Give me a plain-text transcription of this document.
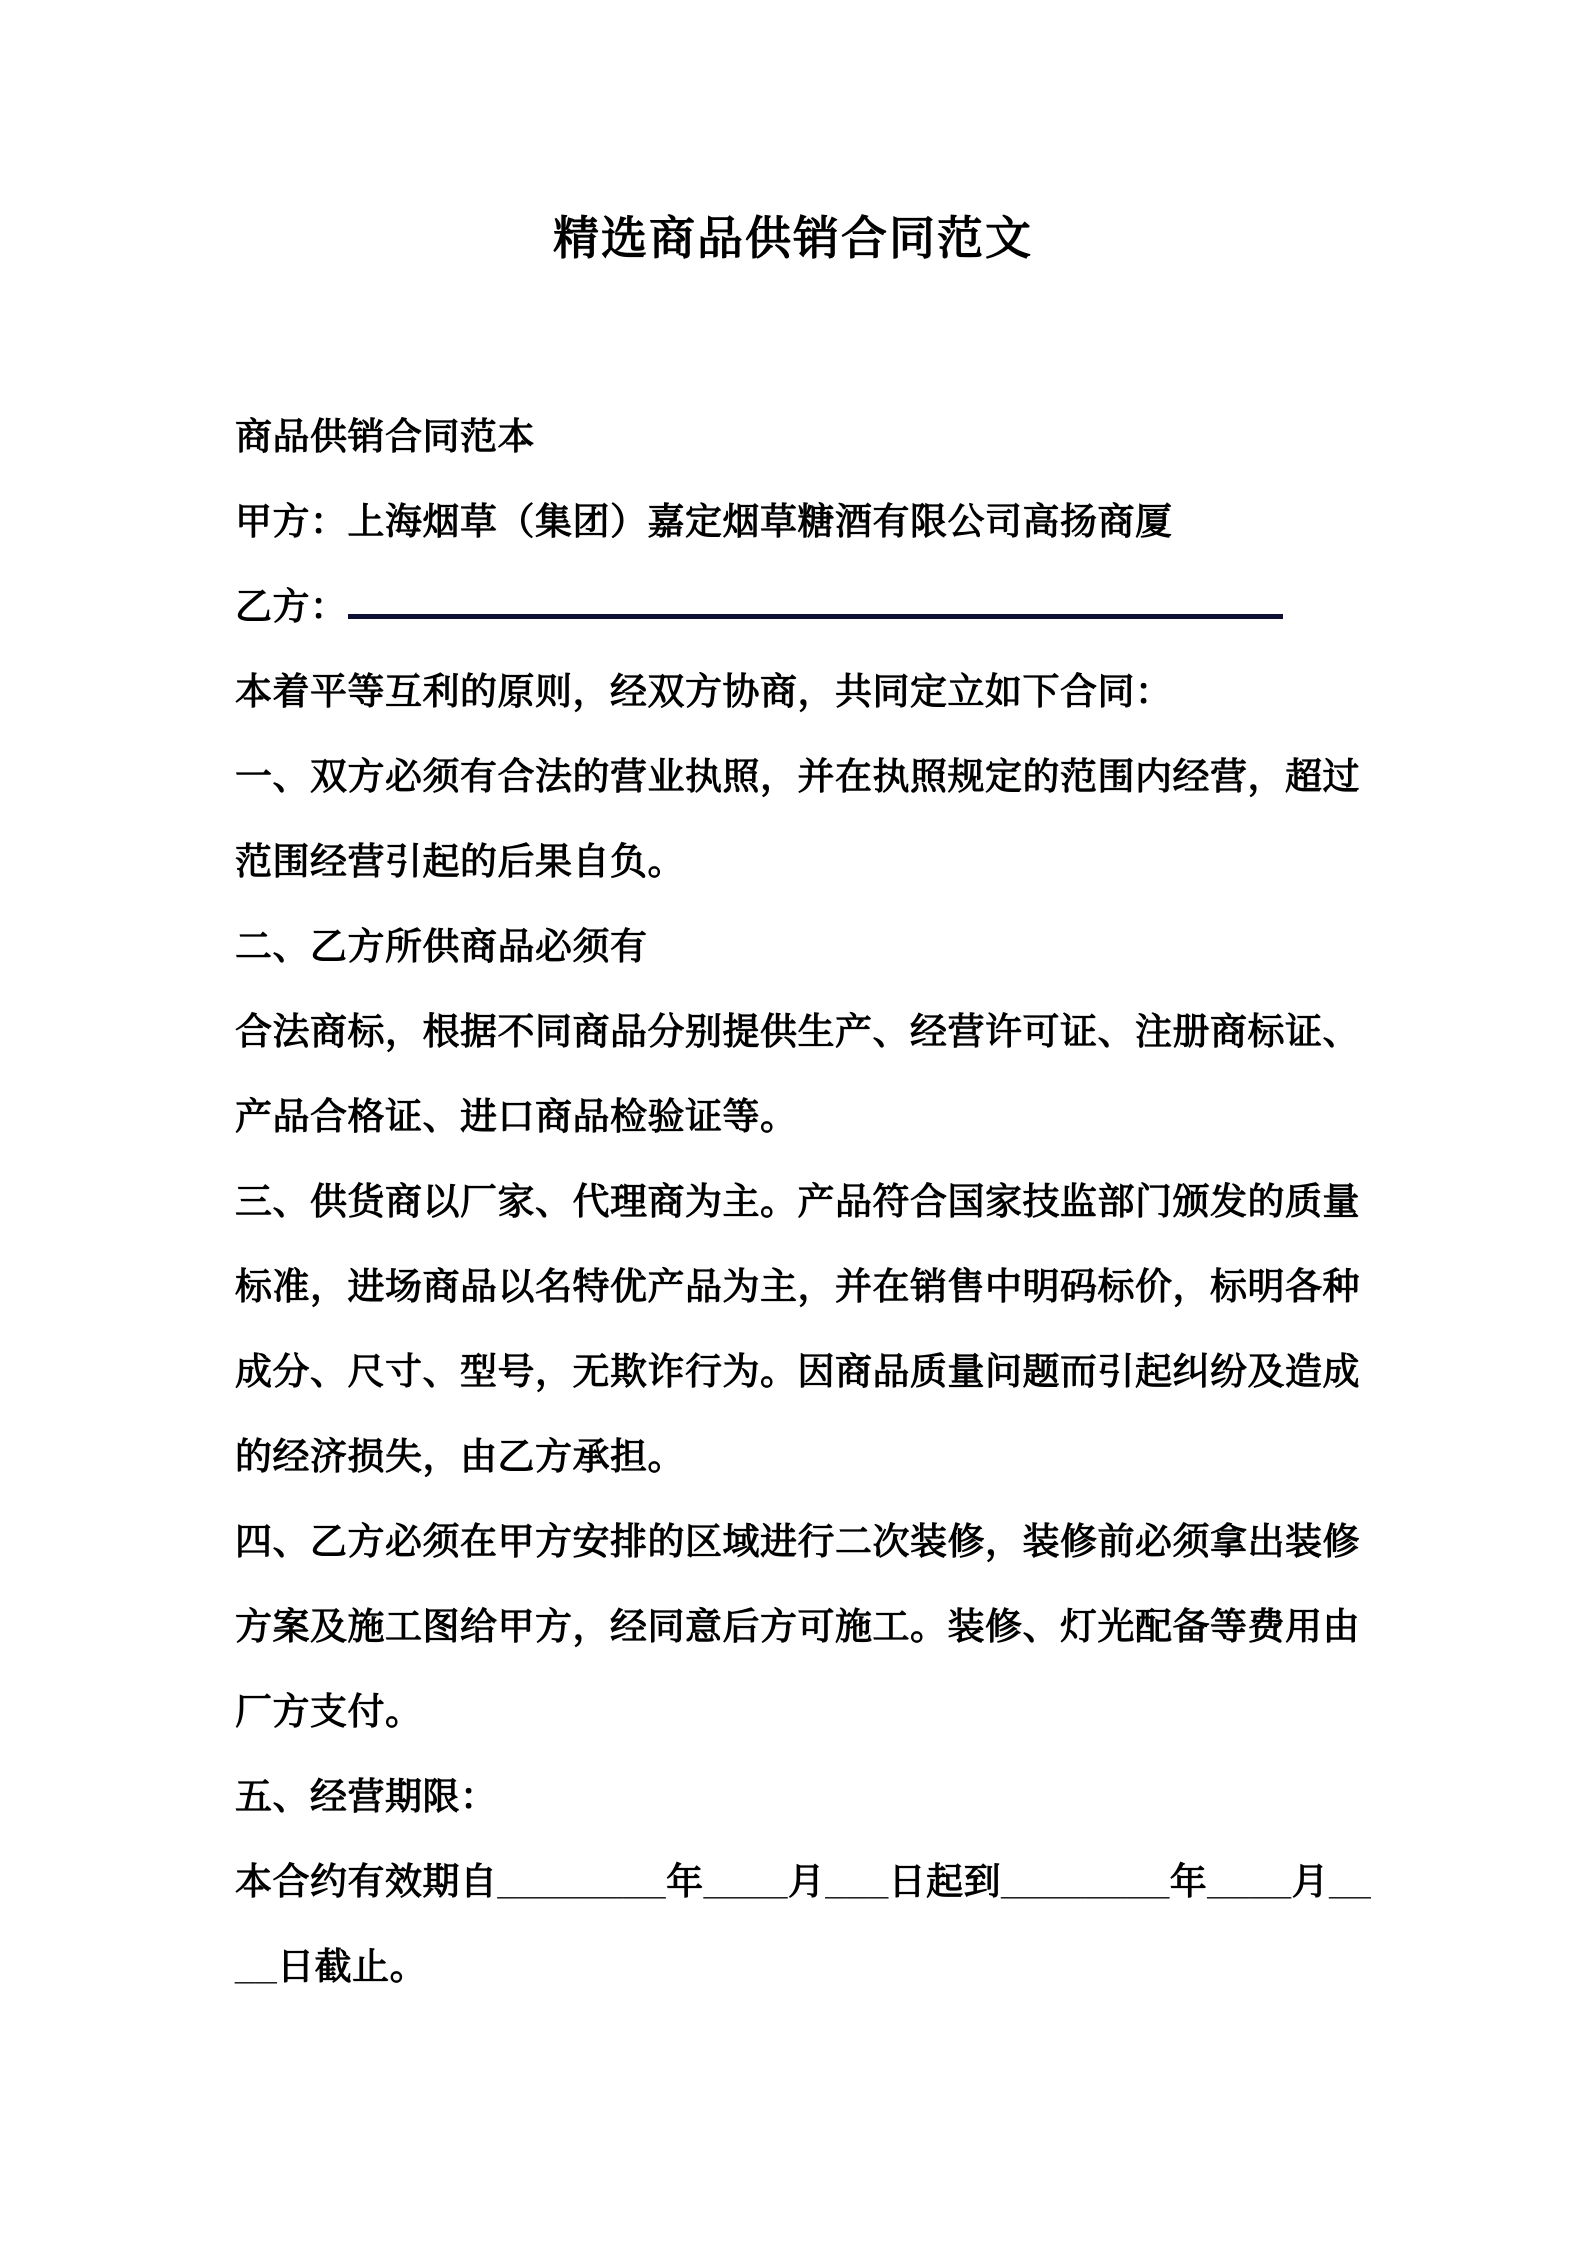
精选商品供销合同范文
商品供销合同范本
甲方：上海烟草（集团）嘉定烟草糖酒有限公司高扬商厦
乙方：
本着平等互利的原则，经双方协商，共同定立如下合同：
一、双方必须有合法的营业执照，并在执照规定的范围内经营，超过
范围经营引起的后果自负。
二、乙方所供商品必须有
合法商标，根据不同商品分别提供生产、经营许可证、注册商标证、
产品合格证、进口商品检验证等。
三、供货商以厂家、代理商为主。产品符合国家技监部门颁发的质量
标准，进场商品以名特优产品为主，并在销售中明码标价，标明各种
成分、尺寸、型号，无欺诈行为。因商品质量问题而引起纠纷及造成
的经济损失，由乙方承担。
四、乙方必须在甲方安排的区域进行二次装修，装修前必须拿出装修
方案及施工图给甲方，经同意后方可施工。装修、灯光配备等费用由
厂方支付。
五、经营期限：
本合约有效期自________年____月___日起到________年____月__
__日截止。
